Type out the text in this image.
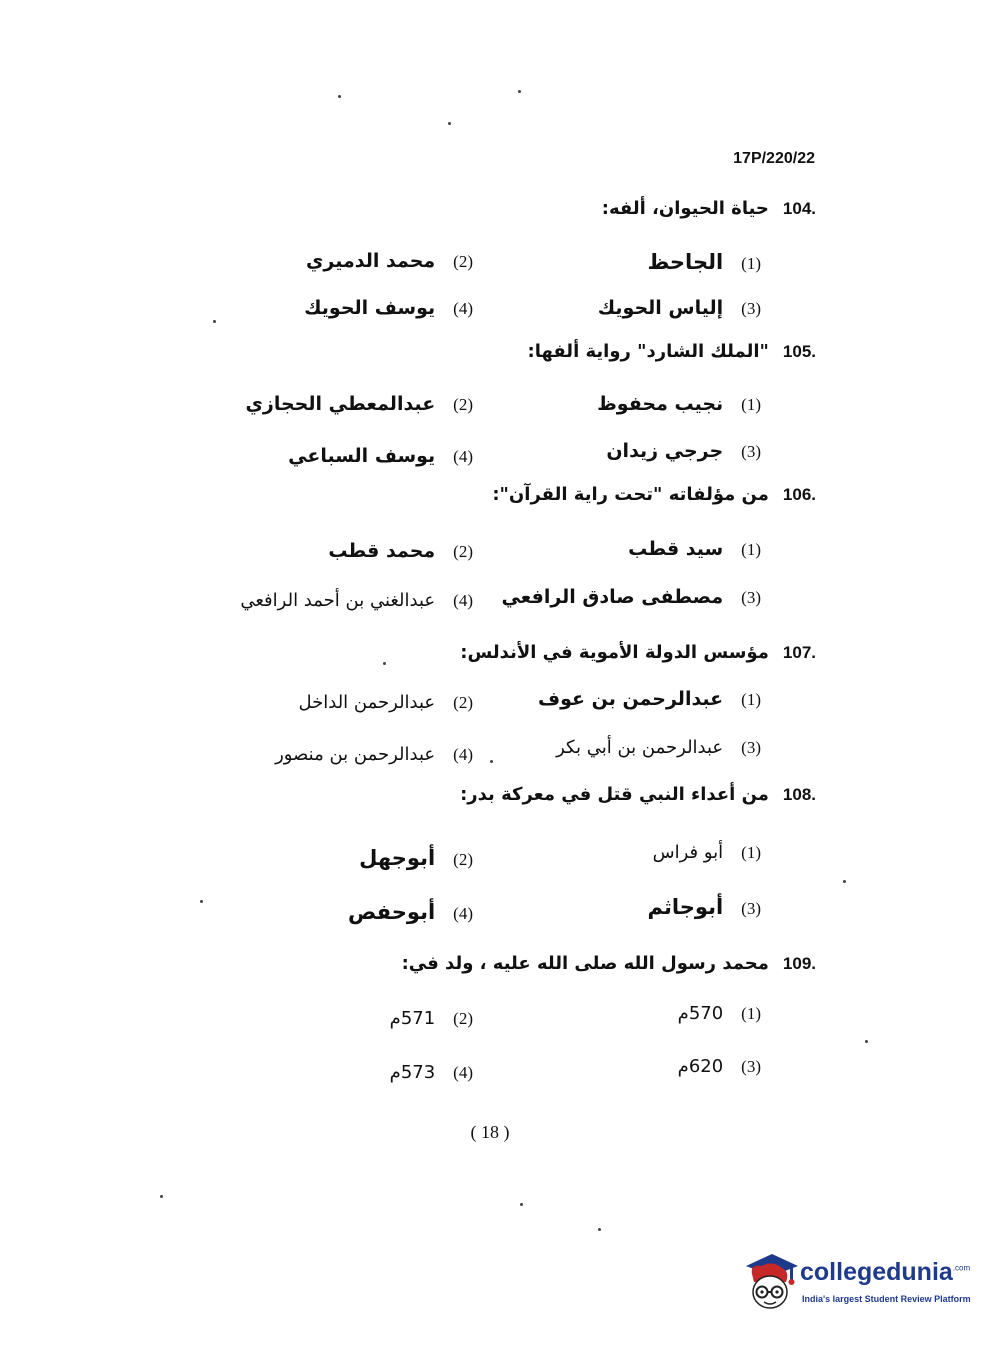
17P/220/22
104.
حياة الحيوان، ألفه:
(1)
الجاحظ
(2)
محمد الدميري
(3)
إلياس الحويك
(4)
يوسف الحويك
105.
"الملك الشارد" رواية ألفها:
(1)
نجيب محفوظ
(2)
عبدالمعطي الحجازي
(3)
جرجي زيدان
(4)
يوسف السباعي
106.
من مؤلفاته "تحت راية القرآن":
(1)
سيد قطب
(2)
محمد قطب
(3)
مصطفى صادق الرافعي
(4)
عبدالغني بن أحمد الرافعي
107.
مؤسس الدولة الأموية في الأندلس:
(1)
عبدالرحمن بن عوف
(2)
عبدالرحمن الداخل
(3)
عبدالرحمن بن أبي بكر
(4)
عبدالرحمن بن منصور
108.
من أعداء النبي قتل في معركة بدر:
(1)
أبو فراس
(2)
أبوجهل
(3)
أبوجاثم
(4)
أبوحفص
109.
محمد رسول الله صلى الله عليه ، ولد في:
(1)
570م
(2)
571م
(3)
620م
(4)
573م
( 18 )
collegedunia$^{.com}$
India's largest Student Review Platform
